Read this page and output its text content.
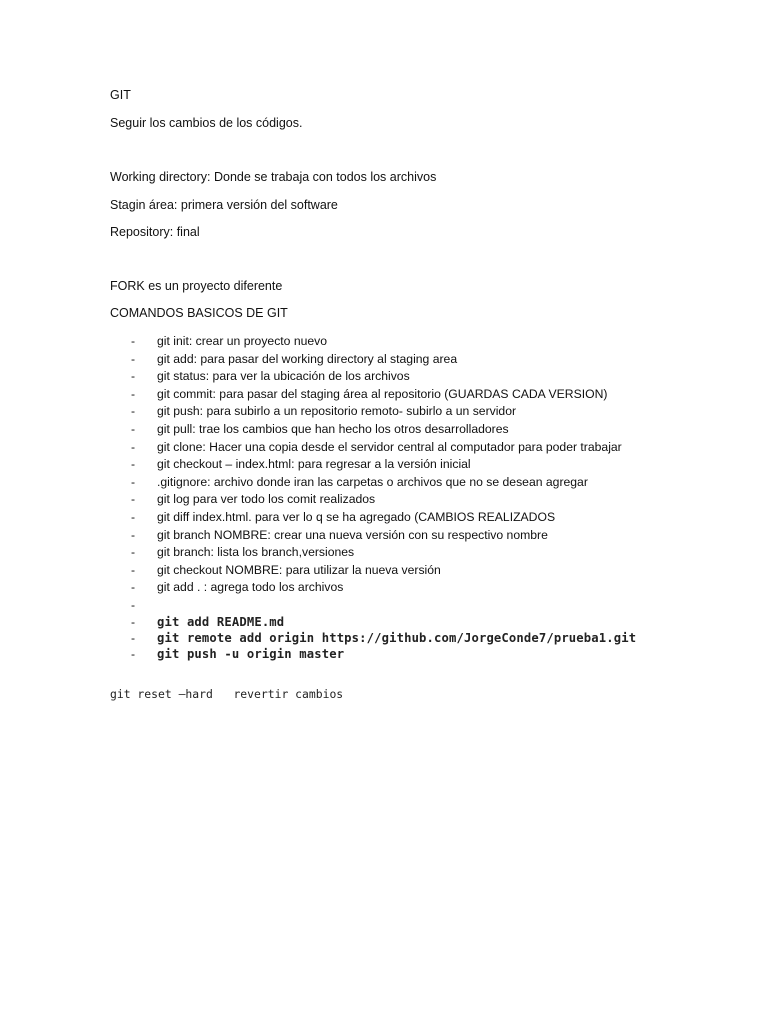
GIT
Seguir los cambios de los códigos.
Working directory: Donde se trabaja con todos los archivos
Stagin área: primera versión del software
Repository: final
FORK es un proyecto diferente
COMANDOS BASICOS DE GIT
- git init: crear un proyecto nuevo
- git add: para pasar del working directory al staging area
- git status: para ver la ubicación de los archivos
- git commit: para pasar del staging área al repositorio (GUARDAS CADA VERSION)
- git push: para subirlo a un repositorio remoto- subirlo a un servidor
- git pull: trae los cambios que han hecho los otros desarrolladores
- git clone: Hacer una copia desde el servidor central al computador para poder trabajar
- git checkout – index.html: para regresar a la versión inicial
- .gitignore: archivo donde iran las carpetas o archivos que no se desean agregar
- git log para ver todo los comit realizados
- git diff index.html. para ver lo q se ha agregado (CAMBIOS REALIZADOS
- git branch NOMBRE: crear una nueva versión con su respectivo nombre
- git branch: lista los branch,versiones
- git checkout NOMBRE: para utilizar la nueva versión
- git add . : agrega todo los archivos
-
- git add README.md
- git remote add origin https://github.com/JorgeConde7/prueba1.git
- git push -u origin master
git reset –hard   revertir cambios
